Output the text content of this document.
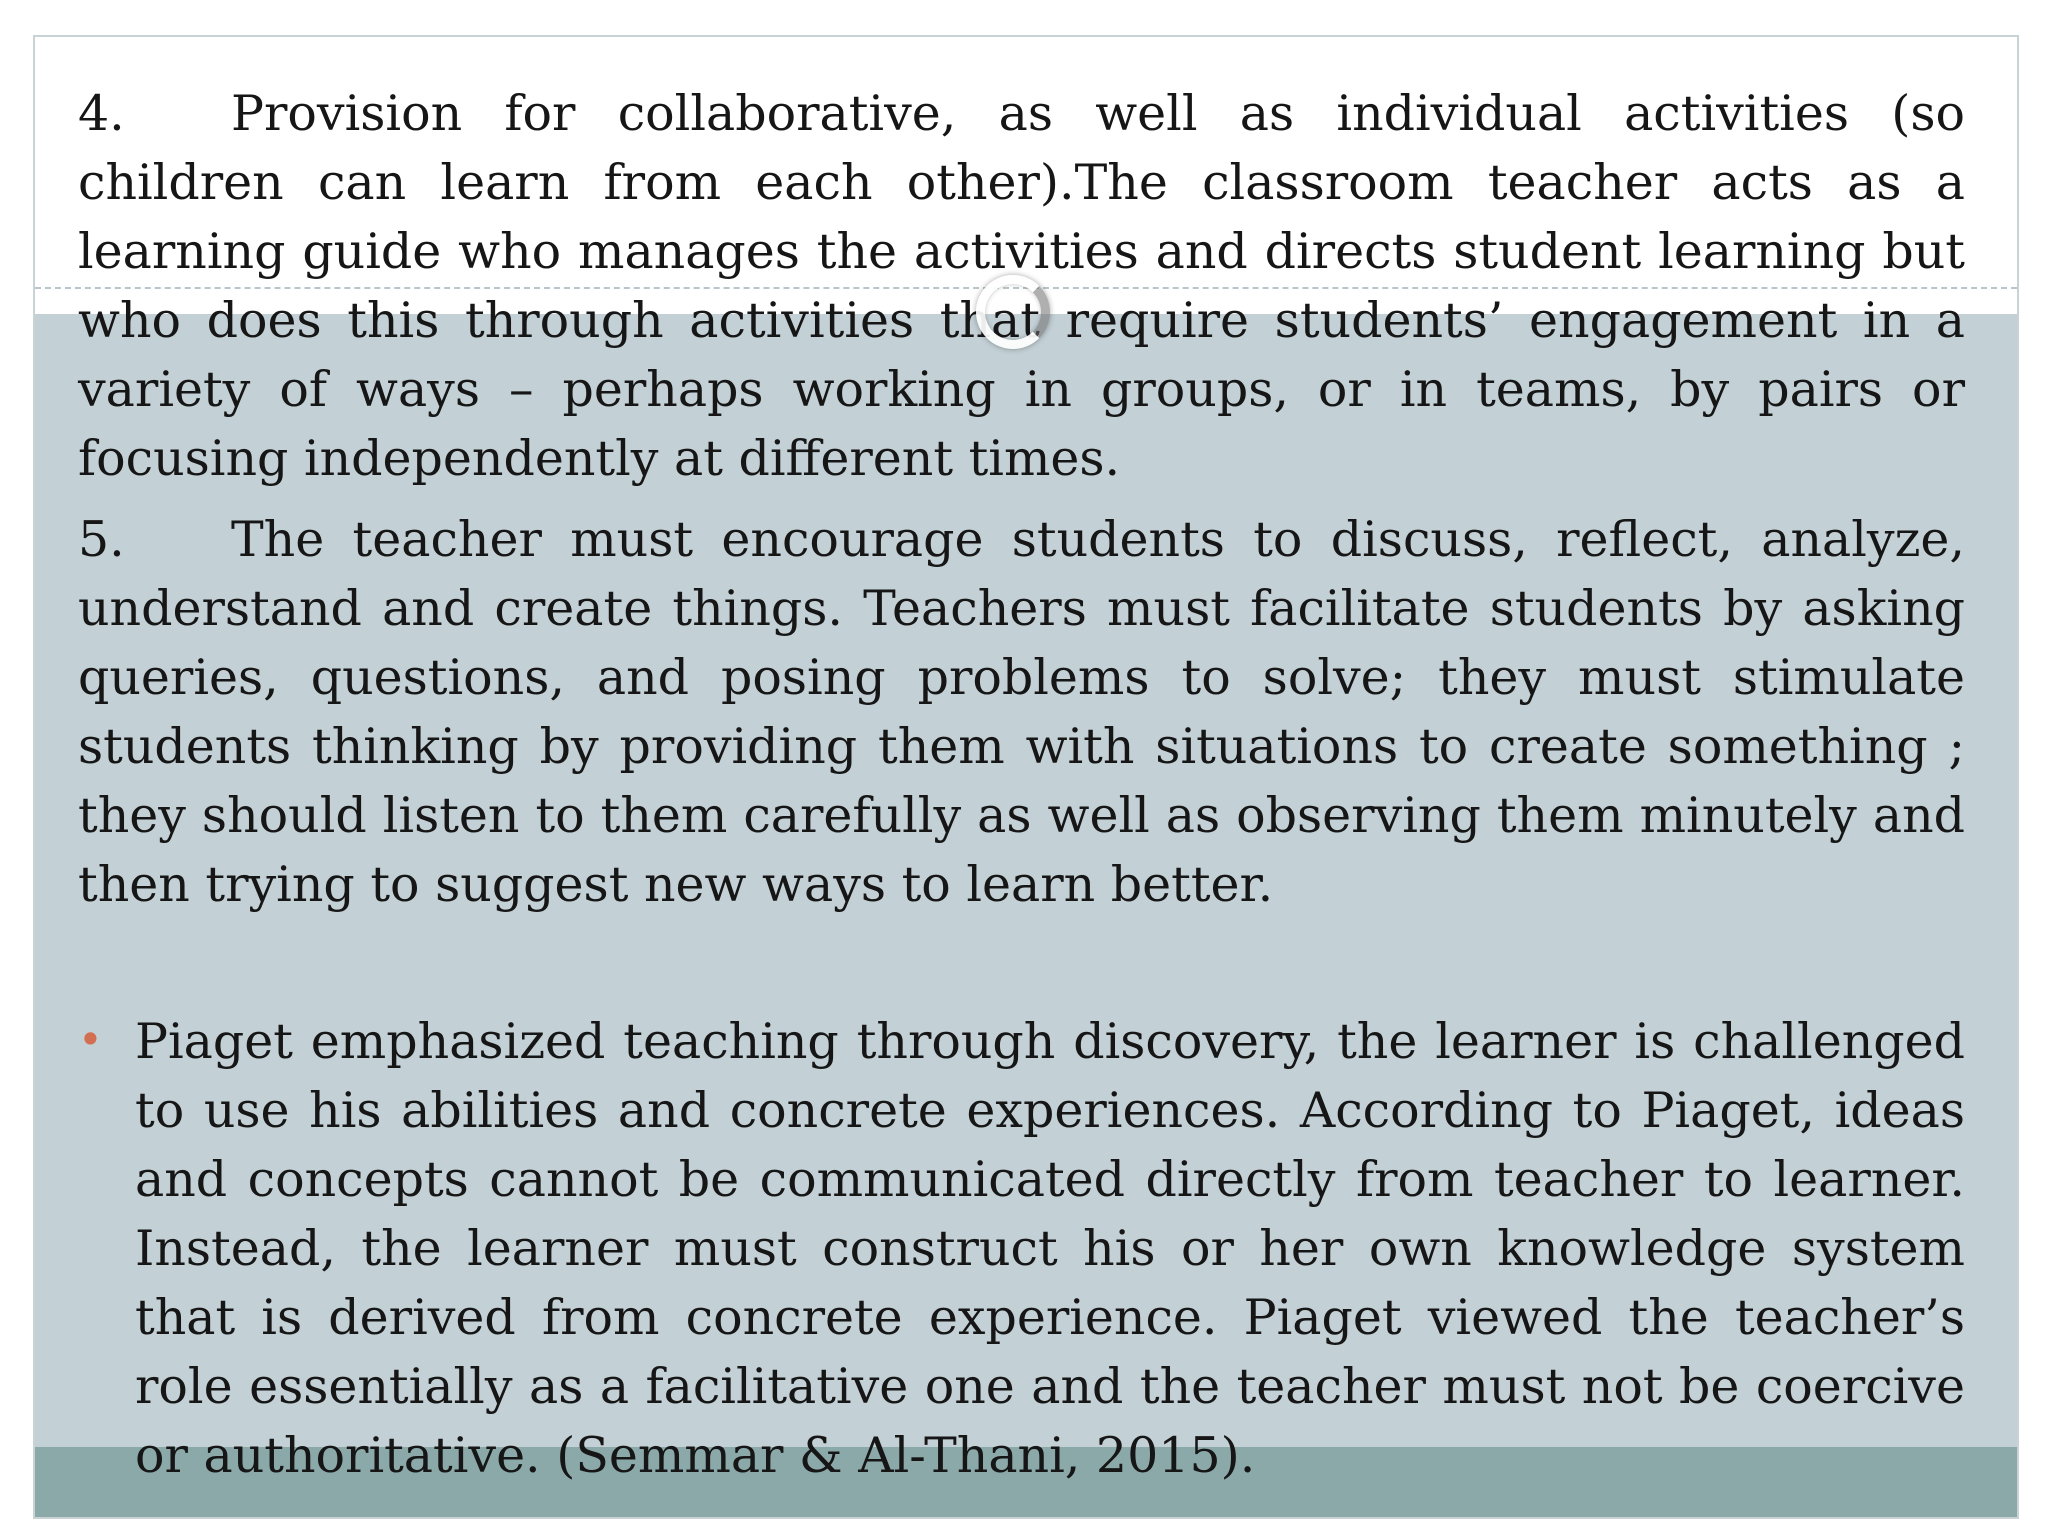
4. Provision for collaborative, as well as individual activities (so children can learn from each other).The classroom teacher acts as a learning guide who manages the activities and directs student learning but who does this through activities that require students’ engagement in a variety of ways – perhaps working in groups, or in teams, by pairs or focusing independently at different times.

5. The teacher must encourage students to discuss, reflect, analyze, understand and create things. Teachers must facilitate students by asking queries, questions, and posing problems to solve; they must stimulate students thinking by providing them with situations to create something ; they should listen to them carefully as well as observing them minutely and then trying to suggest new ways to learn better.

• Piaget emphasized teaching through discovery, the learner is challenged to use his abilities and concrete experiences. According to Piaget, ideas and concepts cannot be communicated directly from teacher to learner. Instead, the learner must construct his or her own knowledge system that is derived from concrete experience. Piaget viewed the teacher’s role essentially as a facilitative one and the teacher must not be coercive or authoritative. (Semmar & Al-Thani, 2015).
